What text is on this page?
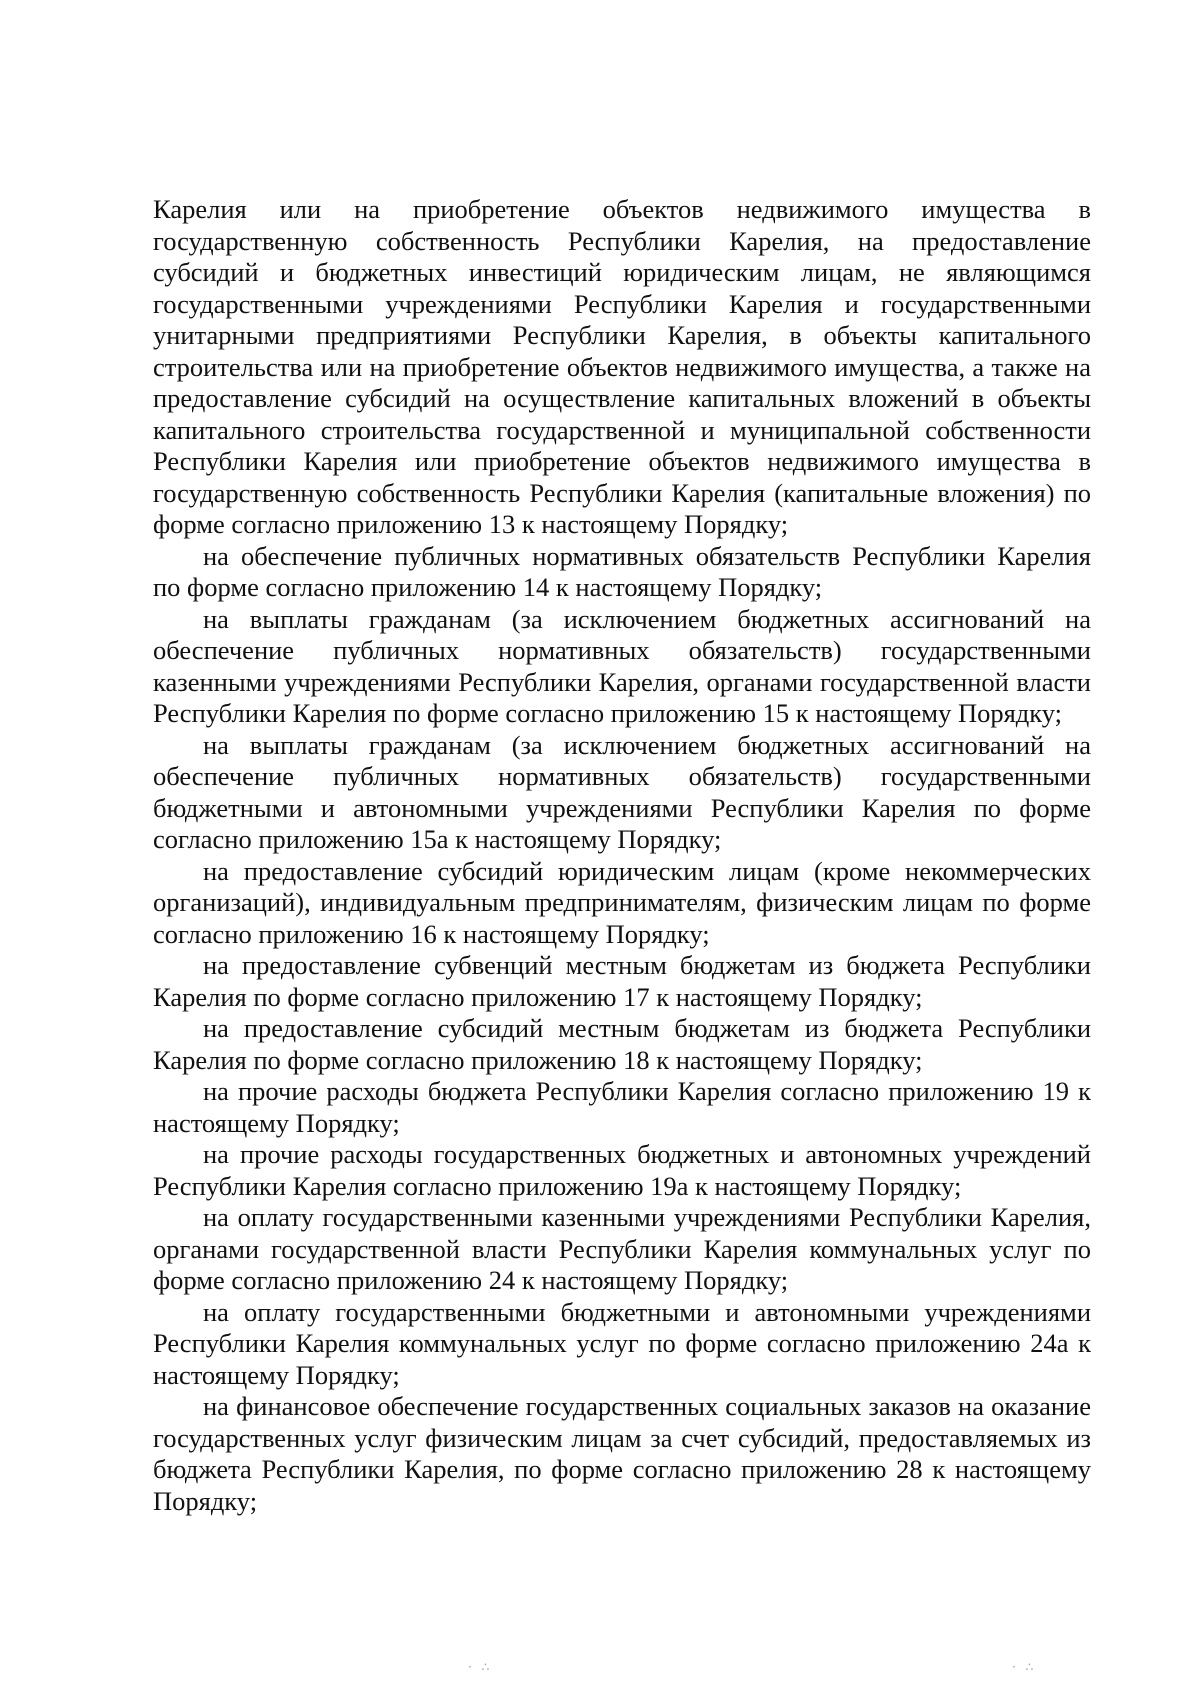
Карелия или на приобретение объектов недвижимого имущества в государственную собственность Республики Карелия, на предоставление субсидий и бюджетных инвестиций юридическим лицам, не являющимся государственными учреждениями Республики Карелия и государственными унитарными предприятиями Республики Карелия, в объекты капитального строительства или на приобретение объектов недвижимого имущества, а также на предоставление субсидий на осуществление капитальных вложений в объекты капитального строительства государственной и муниципальной собственности Республики Карелия или приобретение объектов недвижимого имущества в государственную собственность Республики Карелия (капитальные вложения) по форме согласно приложению 13 к настоящему Порядку;

на обеспечение публичных нормативных обязательств Республики Карелия по форме согласно приложению 14 к настоящему Порядку;

на выплаты гражданам (за исключением бюджетных ассигнований на обеспечение публичных нормативных обязательств) государственными казенными учреждениями Республики Карелия, органами государственной власти Республики Карелия по форме согласно приложению 15 к настоящему Порядку;

на выплаты гражданам (за исключением бюджетных ассигнований на обеспечение публичных нормативных обязательств) государственными бюджетными и автономными учреждениями Республики Карелия по форме согласно приложению 15а к настоящему Порядку;

на предоставление субсидий юридическим лицам (кроме некоммерческих организаций), индивидуальным предпринимателям, физическим лицам по форме согласно приложению 16 к настоящему Порядку;

на предоставление субвенций местным бюджетам из бюджета Республики Карелия по форме согласно приложению 17 к настоящему Порядку;

на предоставление субсидий местным бюджетам из бюджета Республики Карелия по форме согласно приложению 18 к настоящему Порядку;

на прочие расходы бюджета Республики Карелия согласно приложению 19 к настоящему Порядку;

на прочие расходы государственных бюджетных и автономных учреждений Республики Карелия согласно приложению 19а к настоящему Порядку;

на оплату государственными казенными учреждениями Республики Карелия, органами государственной власти Республики Карелия коммунальных услуг по форме согласно приложению 24 к настоящему Порядку;

на оплату государственными бюджетными и автономными учреждениями Республики Карелия коммунальных услуг по форме согласно приложению 24а к настоящему Порядку;

на финансовое обеспечение государственных социальных заказов на оказание государственных услуг физическим лицам за счет субсидий, предоставляемых из бюджета Республики Карелия, по форме согласно приложению 28 к настоящему Порядку;

· ∴	· ∴
